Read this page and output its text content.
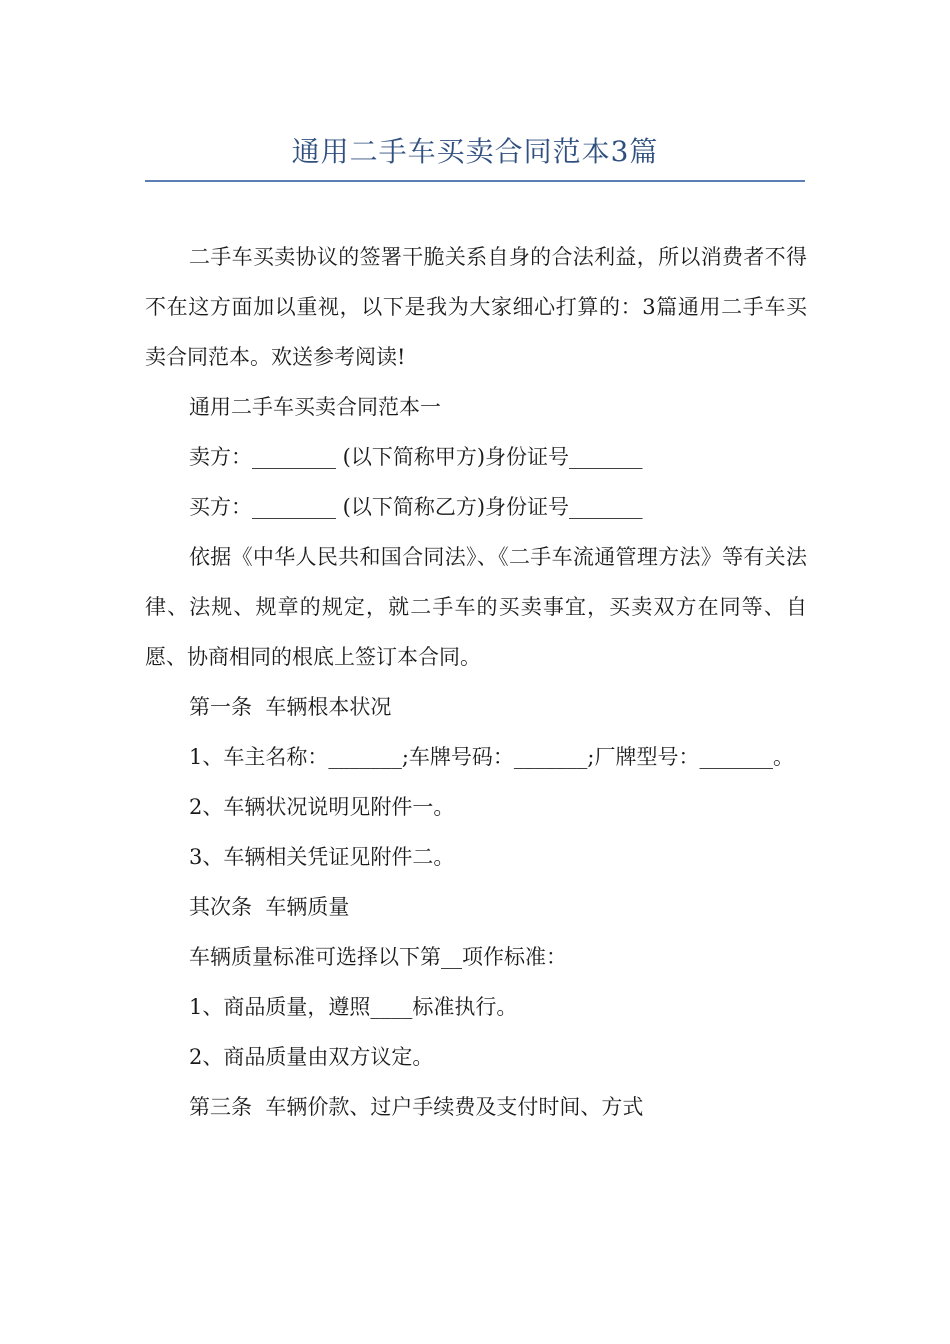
通用二手车买卖合同范本3篇

二手车买卖协议的签署干脆关系自身的合法利益，所以消费者不得不在这方面加以重视，以下是我为大家细心打算的：3篇通用二手车买卖合同范本。欢送参考阅读!

通用二手车买卖合同范本一

卖方：________ (以下简称甲方)身份证号_______

买方：________ (以下简称乙方)身份证号_______

依据《中华人民共和国合同法》、《二手车流通管理方法》等有关法律、法规、规章的规定，就二手车的买卖事宜，买卖双方在同等、自愿、协商相同的根底上签订本合同。

第一条  车辆根本状况

1、车主名称：_______;车牌号码：_______;厂牌型号：_______。

2、车辆状况说明见附件一。

3、车辆相关凭证见附件二。

其次条  车辆质量

车辆质量标准可选择以下第__项作标准：

1、商品质量，遵照____标准执行。

2、商品质量由双方议定。

第三条  车辆价款、过户手续费及支付时间、方式
